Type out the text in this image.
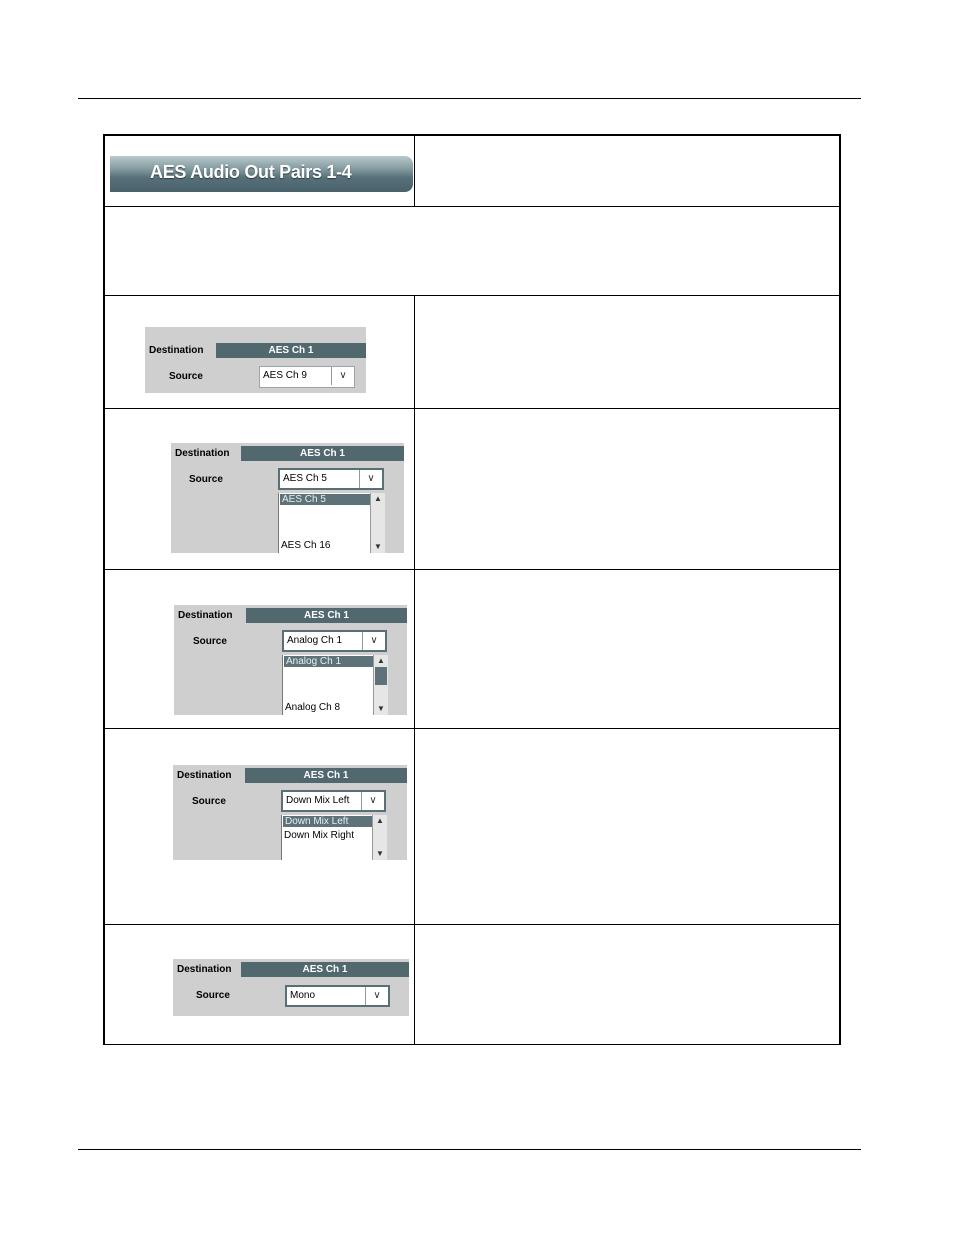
AES Audio Out Pairs 1-4
Destination	AES Ch 1
Source	AES Ch 9	∨
Destination	AES Ch 1
Source	AES Ch 5	∨
AES Ch 5
AES Ch 16
▲
▼
Destination	AES Ch 1
Source	Analog Ch 1	∨
Analog Ch 1
Analog Ch 8
▲
▼
Destination	AES Ch 1
Source	Down Mix Left	∨
Down Mix Left
Down Mix Right
▲
▼
Destination	AES Ch 1
Source	Mono	∨
